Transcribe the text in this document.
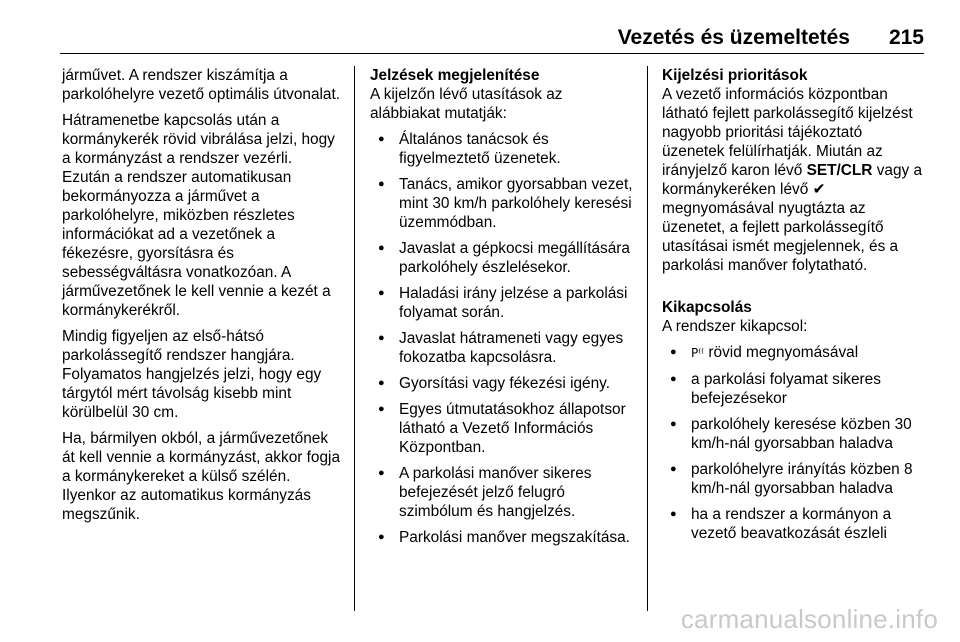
Vezetés és üzemeltetés 215

járművet. A rendszer kiszámítja a parkolóhelyre vezető optimális útvonalat.

Hátramenetbe kapcsolás után a kormánykerék rövid vibrálása jelzi, hogy a kormányzást a rendszer vezérli. Ezután a rendszer automatikusan bekormányozza a járművet a parkolóhelyre, miközben részletes információkat ad a vezetőnek a fékezésre, gyorsításra és sebességváltásra vonatkozóan. A járművezetőnek le kell vennie a kezét a kormánykerékről.

Mindig figyeljen az első-hátsó parkolássegítő rendszer hangjára. Folyamatos hangjelzés jelzi, hogy egy tárgytól mért távolság kisebb mint körülbelül 30 cm.

Ha, bármilyen okból, a járművezetőnek át kell vennie a kormányzást, akkor fogja a kormánykereket a külső szélén. Ilyenkor az automatikus kormányzás megszűnik.

Jelzések megjelenítése

A kijelzőn lévő utasítások az alábbiakat mutatják:

● Általános tanácsok és figyelmeztető üzenetek.
● Tanács, amikor gyorsabban vezet, mint 30 km/h parkolóhely keresési üzemmódban.
● Javaslat a gépkocsi megállítására parkolóhely észlelésekor.
● Haladási irány jelzése a parkolási folyamat során.
● Javaslat hátrameneti vagy egyes fokozatba kapcsolásra.
● Gyorsítási vagy fékezési igény.
● Egyes útmutatásokhoz állapotsor látható a Vezető Információs Központban.
● A parkolási manőver sikeres befejezését jelző felugró szimbólum és hangjelzés.
● Parkolási manőver megszakítása.
Kijelzési prioritások

A vezető információs központban látható fejlett parkolássegítő kijelzést nagyobb prioritási tájékoztató üzenetek felülírhatják. Miután az irányjelző karon lévő SET/CLR vagy a kormánykeréken lévő ✔ megnyomásával nyugtázta az üzenetet, a fejlett parkolássegítő utasításai ismét megjelennek, és a parkolási manőver folytatható.

Kikapcsolás

A rendszer kikapcsol:

● P⁽⁽ rövid megnyomásával
● a parkolási folyamat sikeres befejezésekor
● parkolóhely keresése közben 30 km/h-nál gyorsabban haladva
● parkolóhelyre irányítás közben 8 km/h-nál gyorsabban haladva
● ha a rendszer a kormányon a vezető beavatkozását észleli
carmanualsonline.info
